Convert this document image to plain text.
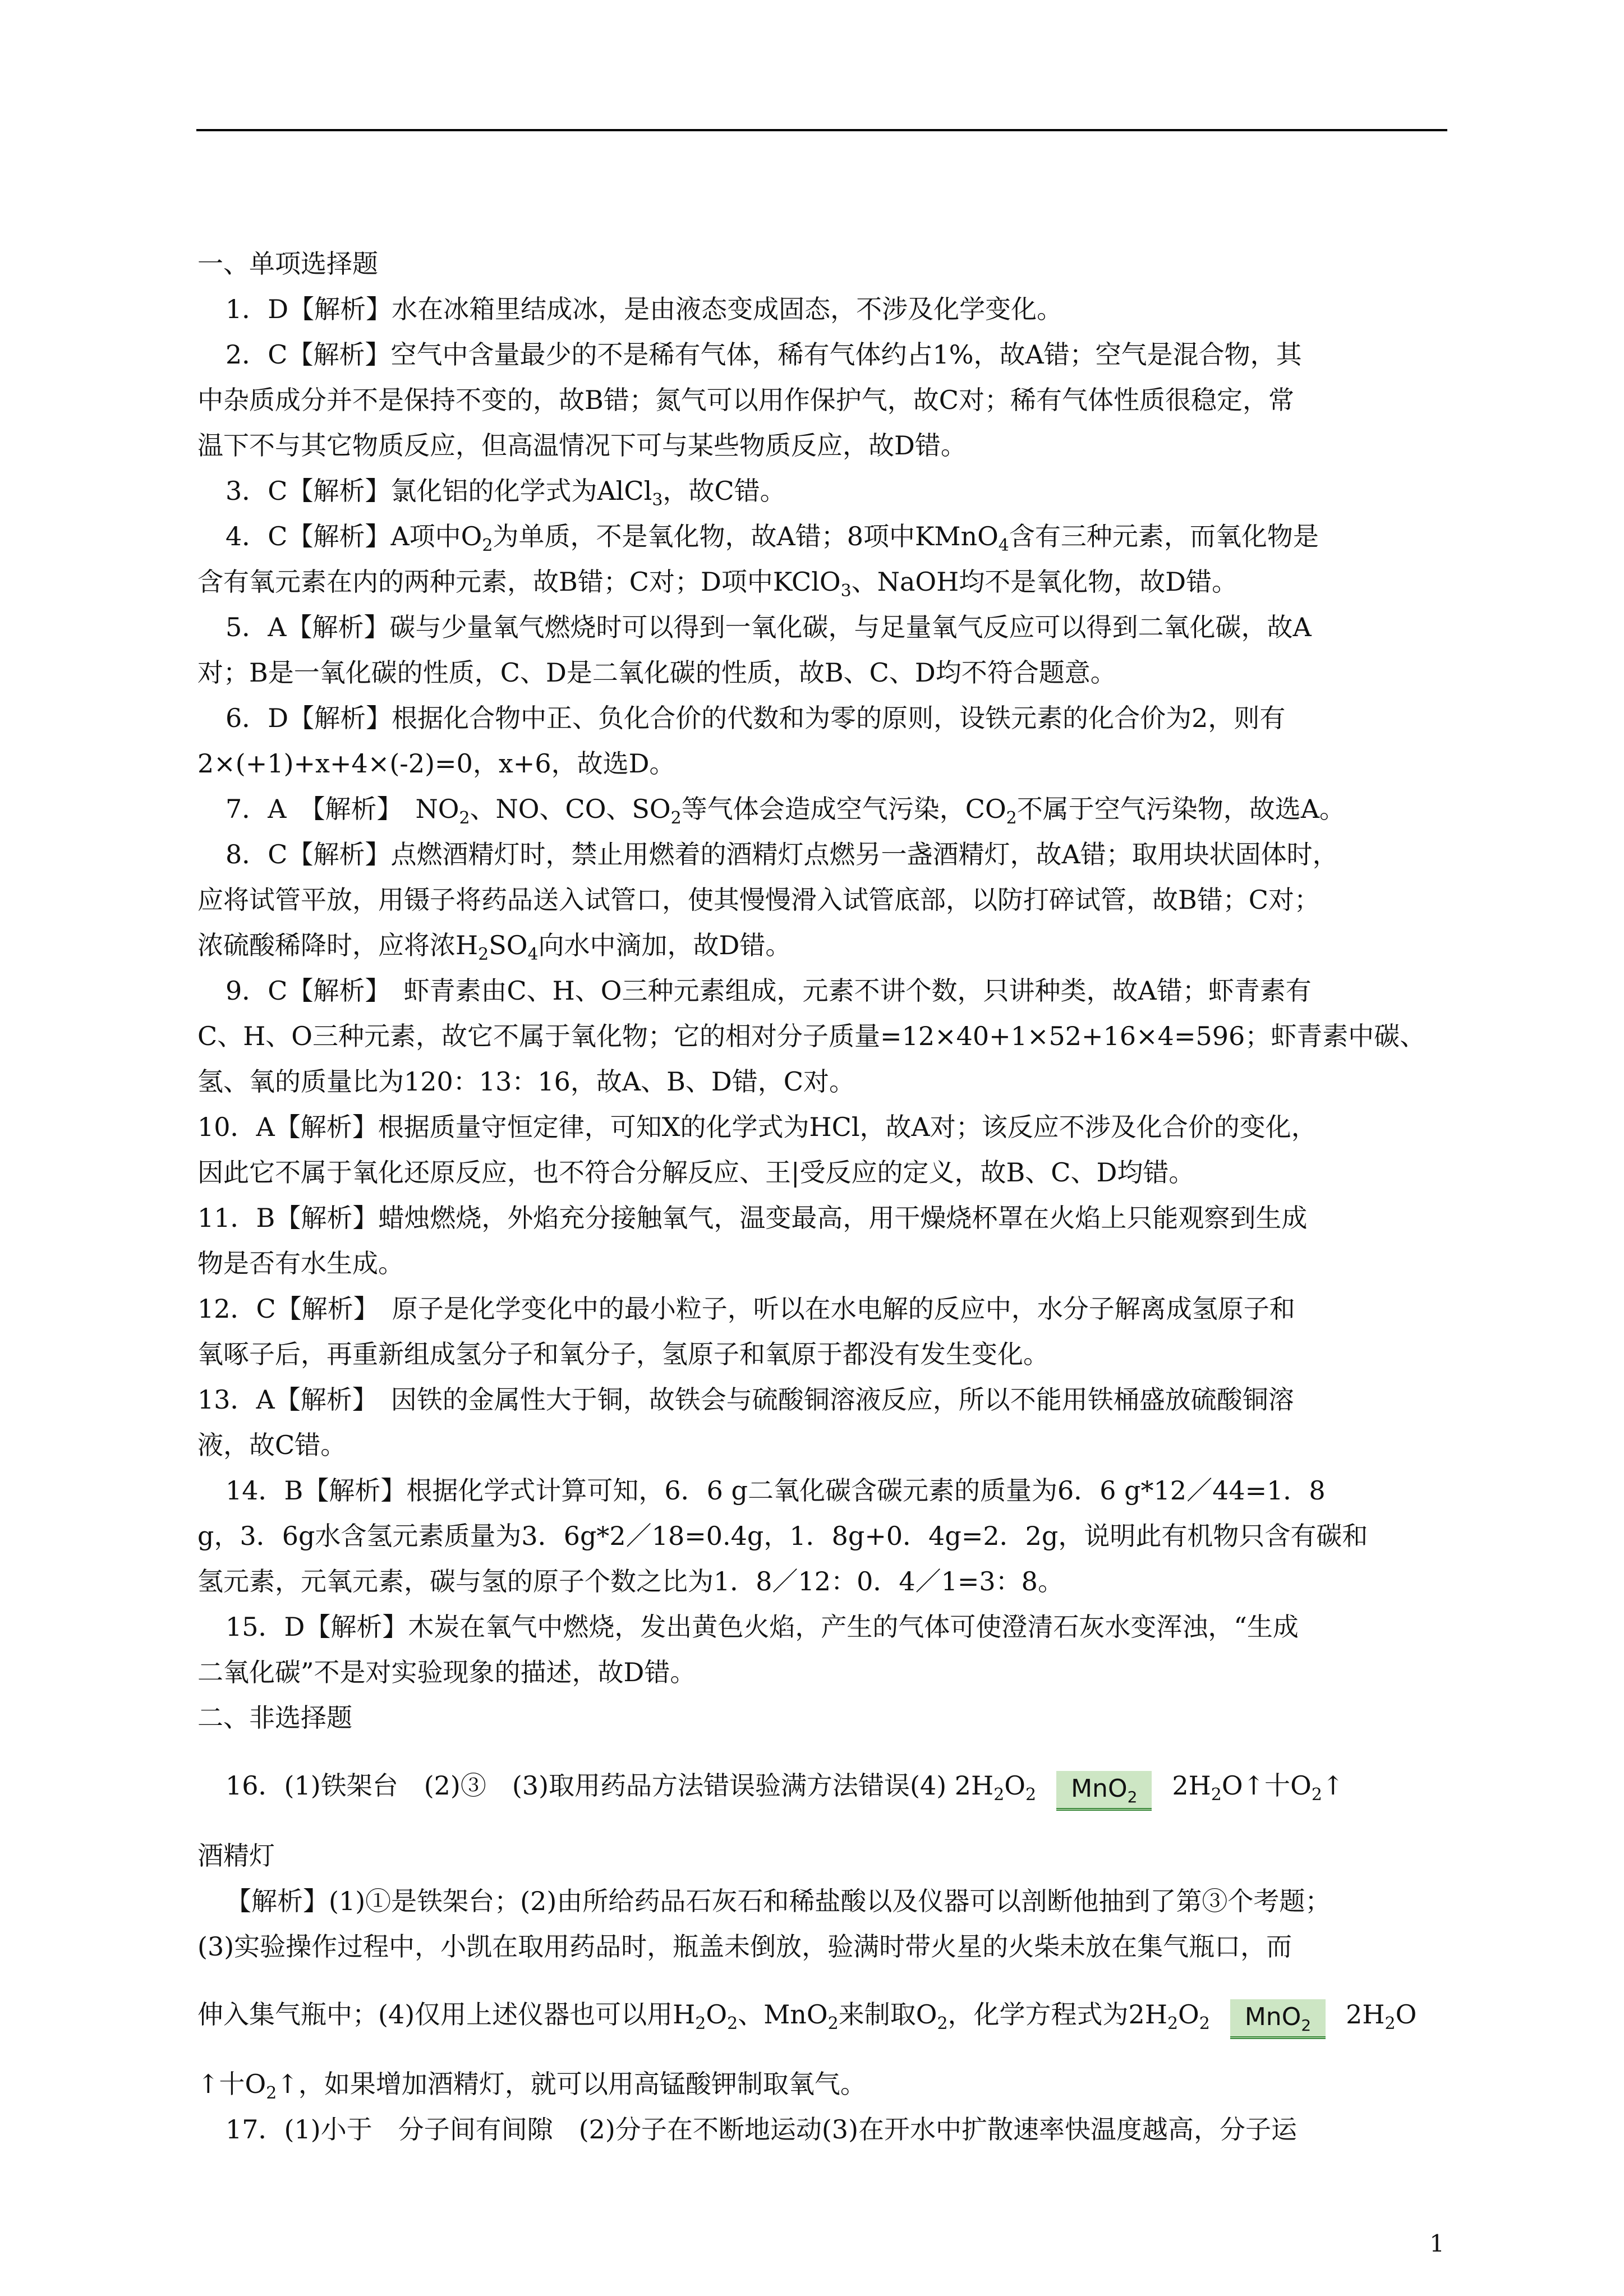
一、单项选择题

1．D【解析】水在冰箱里结成冰，是由液态变成固态，不涉及化学变化。

2．C【解析】空气中含量最少的不是稀有气体，稀有气体约占1%，故A错；空气是混合物，其

中杂质成分并不是保持不变的，故B错；氮气可以用作保护气，故C对；稀有气体性质很稳定，常

温下不与其它物质反应，但高温情况下可与某些物质反应，故D错。

3．C【解析】氯化铝的化学式为AlCl$_3$，故C错。

4．C【解析】A项中$O_2$为单质，不是氧化物，故A错；8项中KMnO$_4$含有三种元素，而氧化物是

含有氧元素在内的两种元素，故B错；C对；D项中KClO$_3$、NaOH均不是氧化物，故D错。

5．A【解析】碳与少量氧气燃烧时可以得到一氧化碳，与足量氧气反应可以得到二氧化碳，故A

对；B是一氧化碳的性质，C、D是二氧化碳的性质，故B、C、D均不符合题意。

6．D【解析】根据化合物中正、负化合价的代数和为零的原则，设铁元素的化合价为2，则有

2×(+1)+x+4×(-2)=0，x+6，故选D。

7．A　【解析】　$NO_2$、NO、CO、$SO_2$等气体会造成空气污染，$CO_2$不属于空气污染物，故选A。

8．C【解析】点燃酒精灯时，禁止用燃着的酒精灯点燃另一盏酒精灯，故A错；取用块状固体时，

应将试管平放，用镊子将药品送入试管口，使其慢慢滑入试管底部，以防打碎试管，故B错；C对；

浓硫酸稀降时，应将浓$H_2SO_4$向水中滴加，故D错。

9．C【解析】　虾青素由C、H、O三种元素组成，元素不讲个数，只讲种类，故A错；虾青素有

C、H、O三种元素，故它不属于氧化物；它的相对分子质量=12×40+1×52+16×4=596；虾青素中碳、

氢、氧的质量比为120：13：16，故A、B、D错，C对。

10．A【解析】根据质量守恒定律，可知X的化学式为HCl，故A对；该反应不涉及化合价的变化，

因此它不属于氧化还原反应，也不符合分解反应、王|受反应的定义，故B、C、D均错。

11．B【解析】蜡烛燃烧，外焰充分接触氧气，温变最高，用干燥烧杯罩在火焰上只能观察到生成

物是否有水生成。

12．C【解析】　原子是化学变化中的最小粒子，听以在水电解的反应中，水分子解离成氢原子和

氧啄子后，再重新组成氢分子和氧分子，氢原子和氧原于都没有发生变化。

13．A【解析】　因铁的金属性大于铜，故铁会与硫酸铜溶液反应，所以不能用铁桶盛放硫酸铜溶

液，故C错。

14．B【解析】根据化学式计算可知，6．6 g二氧化碳含碳元素的质量为6．6 g*12／44=1．8

g，3．6g水含氢元素质量为3．6g*2／18=0.4g，1．8g+0．4g=2．2g，说明此有机物只含有碳和

氢元素，元氧元素，碳与氢的原子个数之比为1．8／12：0．4／1=3：8。

15．D【解析】木炭在氧气中燃烧，发出黄色火焰，产生的气体可使澄清石灰水变浑浊，“生成

二氧化碳”不是对实验现象的描述，故D错。

二、非选择题

16．(1)铁架台　(2)③　(3)取用药品方法错误验满方法错误(4) $2H_2O_2$ MnO$_2$ $2H_2O↑$十$O_2↑$

酒精灯

【解析】(1)①是铁架台；(2)由所给药品石灰石和稀盐酸以及仪器可以剖断他抽到了第③个考题；

(3)实验操作过程中，小凯在取用药品时，瓶盖未倒放，验满时带火星的火柴未放在集气瓶口，而

伸入集气瓶中；(4)仅用上述仪器也可以用$H_2O_2$、MnO$_2$来制取$O_2$，化学方程式为$2H_2O_2$ MnO$_2$ $2H_2O$

↑十$O_2↑$，如果增加酒精灯，就可以用高锰酸钾制取氧气。

17．(1)小于　分子间有间隙　(2)分子在不断地运动(3)在开水中扩散速率快温度越高，分子运

1
